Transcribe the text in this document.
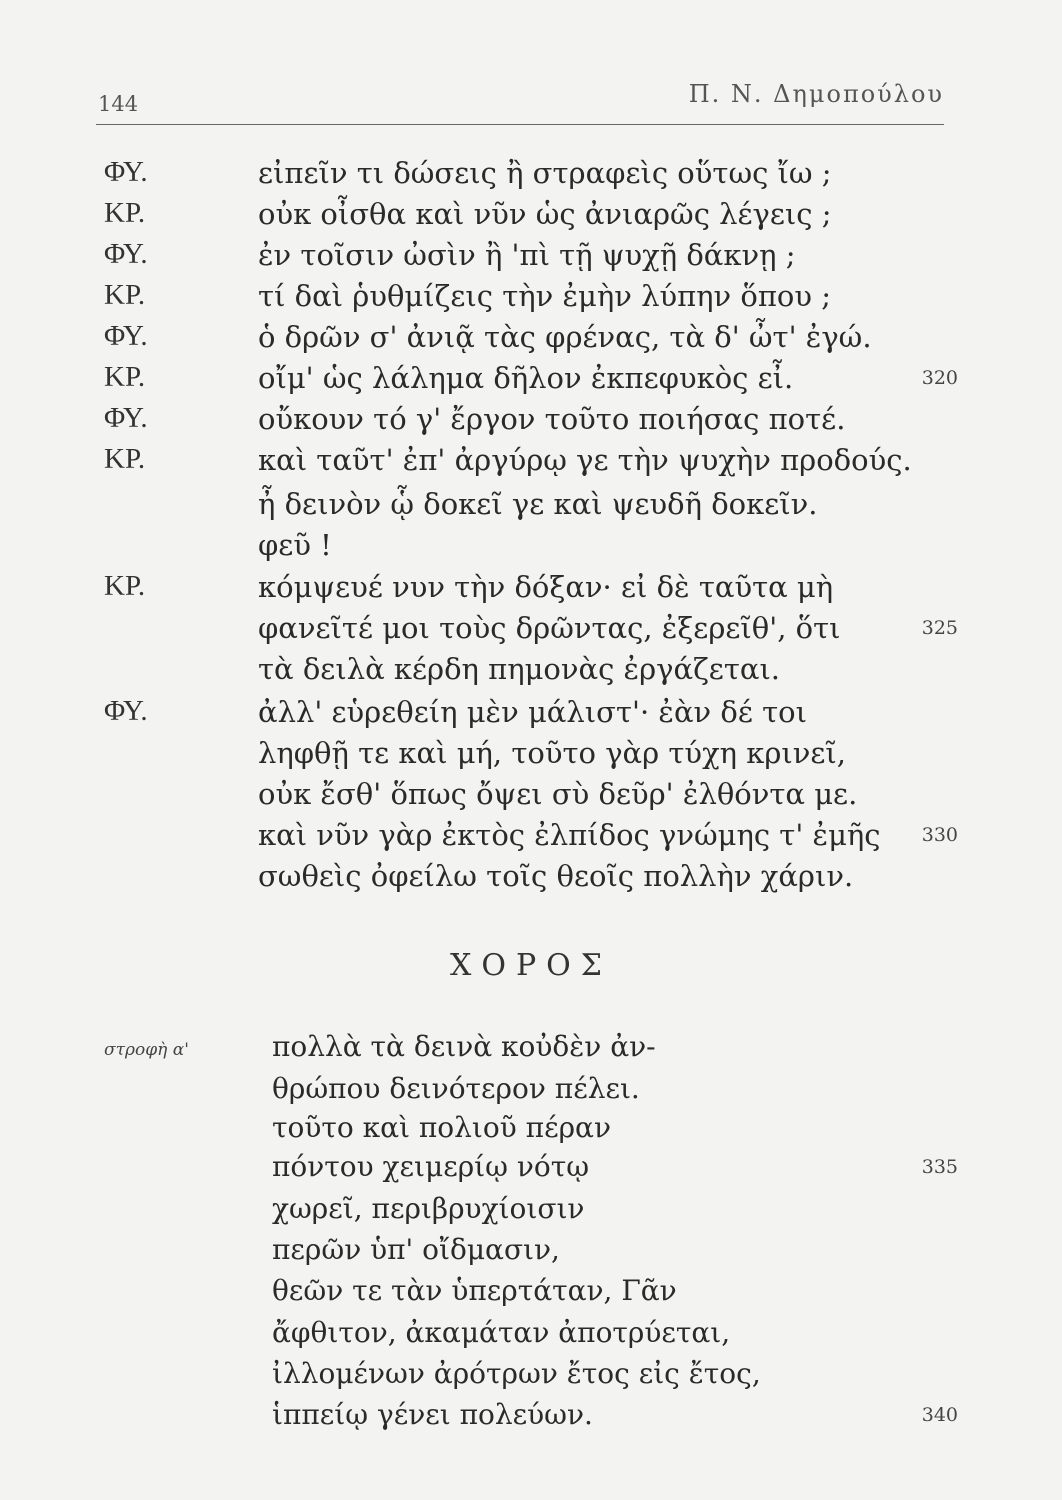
144	Π. Ν. Δημοπούλου
ΦΥ.	εἰπεῖν τι δώσεις ἢ στραφεὶς οὕτως ἴω ;
ΚΡ.	οὐκ οἶσθα καὶ νῦν ὡς ἀνιαρῶς λέγεις ;
ΦΥ.	ἐν τοῖσιν ὠσὶν ἢ 'πὶ τῇ ψυχῇ δάκνῃ ;
ΚΡ.	τί δαὶ ῥυθμίζεις τὴν ἐμὴν λύπην ὅπου ;
ΦΥ.	ὁ δρῶν σ' ἀνιᾷ τὰς φρένας, τὰ δ' ὦτ' ἐγώ.
ΚΡ.	οἴμ' ὡς λάλημα δῆλον ἐκπεφυκὸς εἶ.	320
ΦΥ.	οὔκουν τό γ' ἔργον τοῦτο ποιήσας ποτέ.
ΚΡ.	καὶ ταῦτ' ἐπ' ἀργύρῳ γε τὴν ψυχὴν προδούς.
ἦ δεινὸν ᾧ δοκεῖ γε καὶ ψευδῆ δοκεῖν.
φεῦ !
ΚΡ.	κόμψευέ νυν τὴν δόξαν· εἰ δὲ ταῦτα μὴ
φανεῖτέ μοι τοὺς δρῶντας, ἐξερεῖθ', ὅτι	325
τὰ δειλὰ κέρδη πημονὰς ἐργάζεται.
ΦΥ.	ἀλλ' εὑρεθείη μὲν μάλιστ'· ἐὰν δέ τοι
ληφθῇ τε καὶ μή, τοῦτο γὰρ τύχη κρινεῖ,
οὐκ ἔσθ' ὅπως ὄψει σὺ δεῦρ' ἐλθόντα με.
καὶ νῦν γὰρ ἐκτὸς ἐλπίδος γνώμης τ' ἐμῆς 330
σωθεὶς ὀφείλω τοῖς θεοῖς πολλὴν χάριν.
ΧΟΡΟΣ
στροφὴ α'	πολλὰ τὰ δεινὰ κοὐδὲν ἀν-
θρώπου δεινότερον πέλει.
τοῦτο καὶ πολιοῦ πέραν
πόντου χειμερίῳ νότῳ	335
χωρεῖ, περιβρυχίοισιν
περῶν ὑπ' οἴδμασιν,
θεῶν τε τὰν ὑπερτάταν, Γᾶν
ἄφθιτον, ἀκαμάταν ἀποτρύεται,
ἰλλομένων ἀρότρων ἔτος εἰς ἔτος,
ἱππείῳ γένει πολεύων.	340
